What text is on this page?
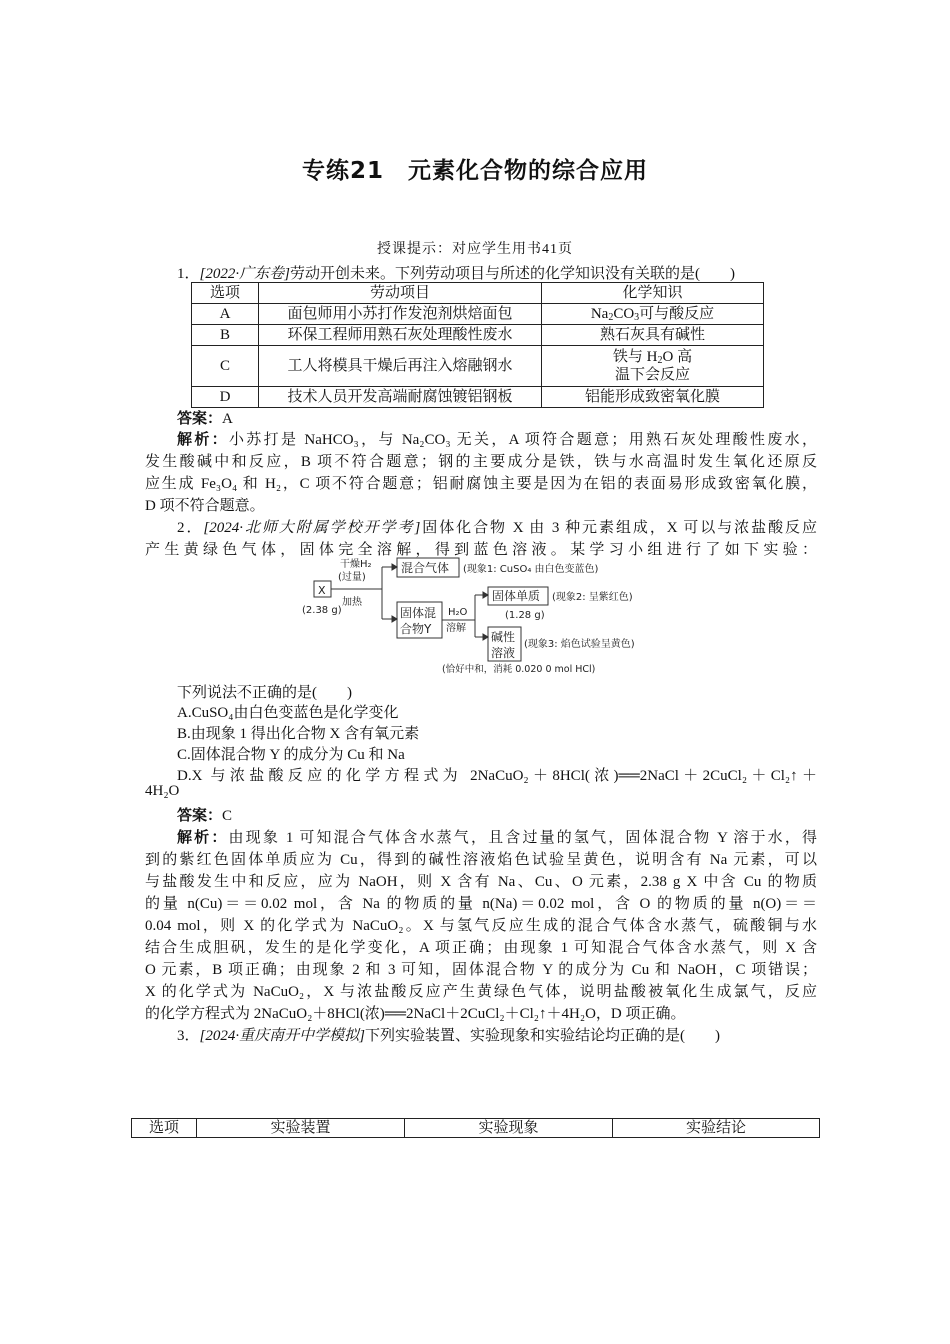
专练21　元素化合物的综合应用
授课提示：对应学生用书41页
1．[2022·广东卷]劳动开创未来。下列劳动项目与所述的化学知识没有关联的是(　　)
选项	劳动项目	化学知识
A	面包师用小苏打作发泡剂烘焙面包	$Na_2CO_3$可与酸反应
B	环保工程师用熟石灰处理酸性废水	熟石灰具有碱性
C	工人将模具干燥后再注入熔融钢水	铁与 $H_2O$ 高
温下会反应
D	技术人员开发高端耐腐蚀镀铝钢板	铝能形成致密氧化膜
答案：A
解析：小苏打是 NaHCO₃，与 Na₂CO₃ 无关，A 项符合题意；用熟石灰处理酸性废水，
发生酸碱中和反应，B 项不符合题意；钢的主要成分是铁，铁与水高温时发生氧化还原反
应生成 Fe₃O₄ 和 H₂，C 项不符合题意；铝耐腐蚀主要是因为在铝的表面易形成致密氧化膜，
D 项不符合题意。
2．[2024·北师大附属学校开学考]固体化合物 X 由 3 种元素组成，X 可以与浓盐酸反应
产生黄绿色气体，固体完全溶解，得到蓝色溶液。某学习小组进行了如下实验：
X
(2.38 g)
干燥H₂
(过量)
加热
混合气体 (现象1: CuSO₄ 由白色变蓝色)
固体混
合物Y
H₂O
溶解
固体单质
(1.28 g)
(现象2: 呈紫红色)
碱性
溶液
(现象3: 焰色试验呈黄色)
(恰好中和，消耗 0.020 0 mol HCl)
下列说法不正确的是(　　)
A.CuSO₄由白色变蓝色是化学变化
B.由现象 1 得出化合物 X 含有氧元素
C.固体混合物 Y 的成分为 Cu 和 Na
D.X 与浓盐酸反应的化学方程式为 2NaCuO₂＋8HCl(浓)══2NaCl＋2CuCl₂＋Cl₂↑＋
4H₂O
答案：C
解析：由现象 1 可知混合气体含水蒸气，且含过量的氢气，固体混合物 Y 溶于水，得
到的紫红色固体单质应为 Cu，得到的碱性溶液焰色试验呈黄色，说明含有 Na 元素，可以
与盐酸发生中和反应，应为 NaOH，则 X 含有 Na、Cu、O 元素，2.38 g X 中含 Cu 的物质
的量 n(Cu)＝＝0.02 mol，含 Na 的物质的量 n(Na)＝0.02 mol，含 O 的物质的量 n(O)＝＝
0.04 mol，则 X 的化学式为 NaCuO₂。X 与氢气反应生成的混合气体含水蒸气，硫酸铜与水
结合生成胆矾，发生的是化学变化，A 项正确；由现象 1 可知混合气体含水蒸气，则 X 含
O 元素，B 项正确；由现象 2 和 3 可知，固体混合物 Y 的成分为 Cu 和 NaOH，C 项错误；
X 的化学式为 NaCuO₂，X 与浓盐酸反应产生黄绿色气体，说明盐酸被氧化生成氯气，反应
的化学方程式为 2NaCuO₂＋8HCl(浓)══2NaCl＋2CuCl₂＋Cl₂↑＋4H₂O，D 项正确。
3．[2024·重庆南开中学模拟]下列实验装置、实验现象和实验结论均正确的是(　　)
选项	实验装置	实验现象	实验结论
